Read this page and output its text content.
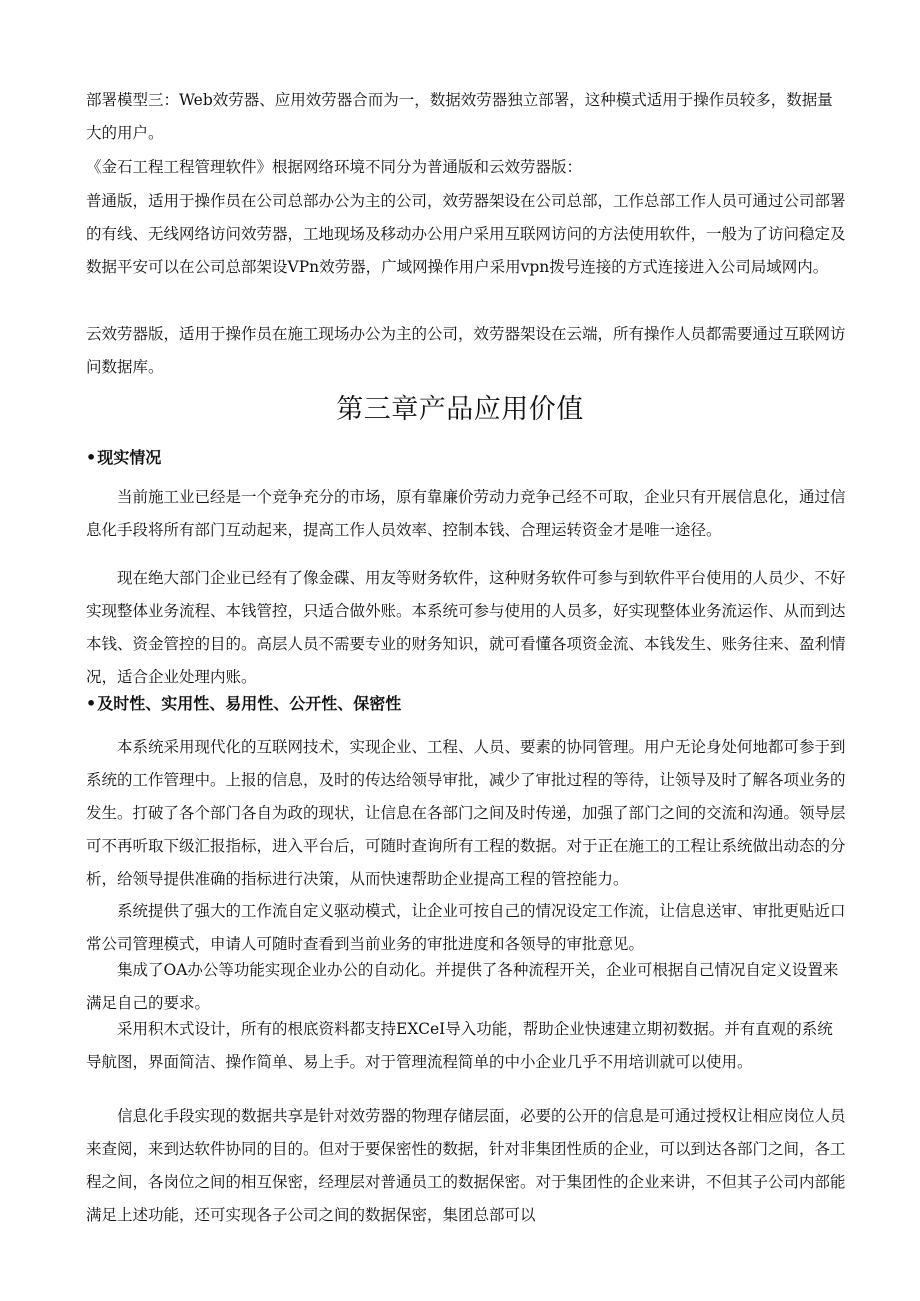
部署模型三：Web效劳器、应用效劳器合而为一，数据效劳器独立部署，这种模式适用于操作员较多，数据量大的用户。

《金石工程工程管理软件》根据网络环境不同分为普通版和云效劳器版：

普通版，适用于操作员在公司总部办公为主的公司，效劳器架设在公司总部，工作总部工作人员可通过公司部署的有线、无线网络访问效劳器，工地现场及移动办公用户采用互联网访问的方法使用软件，一般为了访问稳定及数据平安可以在公司总部架设VPn效劳器，广域网操作用户采用vpn拨号连接的方式连接进入公司局域网内。

云效劳器版，适用于操作员在施工现场办公为主的公司，效劳器架设在云端，所有操作人员都需要通过互联网访问数据库。

第三章产品应用价值
•现实情况

当前施工业已经是一个竞争充分的市场，原有靠廉价劳动力竞争己经不可取，企业只有开展信息化，通过信息化手段将所有部门互动起来，提高工作人员效率、控制本钱、合理运转资金才是唯一途径。

现在绝大部门企业已经有了像金碟、用友等财务软件，这种财务软件可参与到软件平台使用的人员少、不好实现整体业务流程、本钱管控，只适合做外账。本系统可参与使用的人员多，好实现整体业务流运作、从而到达本钱、资金管控的目的。高层人员不需要专业的财务知识，就可看懂各项资金流、本钱发生、账务往来、盈利情况，适合企业处理内账。

•及时性、实用性、易用性、公开性、保密性

本系统采用现代化的互联网技术，实现企业、工程、人员、要素的协同管理。用户无论身处何地都可参于到系统的工作管理中。上报的信息，及时的传达给领导审批，减少了审批过程的等待，让领导及时了解各项业务的发生。打破了各个部门各自为政的现状，让信息在各部门之间及时传递，加强了部门之间的交流和沟通。领导层可不再听取下级汇报指标，进入平台后，可随时查询所有工程的数据。对于正在施工的工程让系统做出动态的分析，给领导提供准确的指标进行决策，从而快速帮助企业提高工程的管控能力。

系统提供了强大的工作流自定义驱动模式，让企业可按自己的情况设定工作流，让信息送审、审批更贴近口常公司管理模式，申请人可随时查看到当前业务的审批进度和各领导的审批意见。

集成了OA办公等功能实现企业办公的自动化。并提供了各种流程开关，企业可根据自己情况自定义设置来满足自己的要求。

采用积木式设计，所有的根底资料都支持EXCeI导入功能，帮助企业快速建立期初数据。并有直观的系统导航图，界面简洁、操作简单、易上手。对于管理流程简单的中小企业几乎不用培训就可以使用。

信息化手段实现的数据共享是针对效劳器的物理存储层面，必要的公开的信息是可通过授权让相应岗位人员来查阅，来到达软件协同的目的。但对于要保密性的数据，针对非集团性质的企业，可以到达各部门之间，各工程之间，各岗位之间的相互保密，经理层对普通员工的数据保密。对于集团性的企业来讲，不但其子公司内部能满足上述功能，还可实现各子公司之间的数据保密，集团总部可以
